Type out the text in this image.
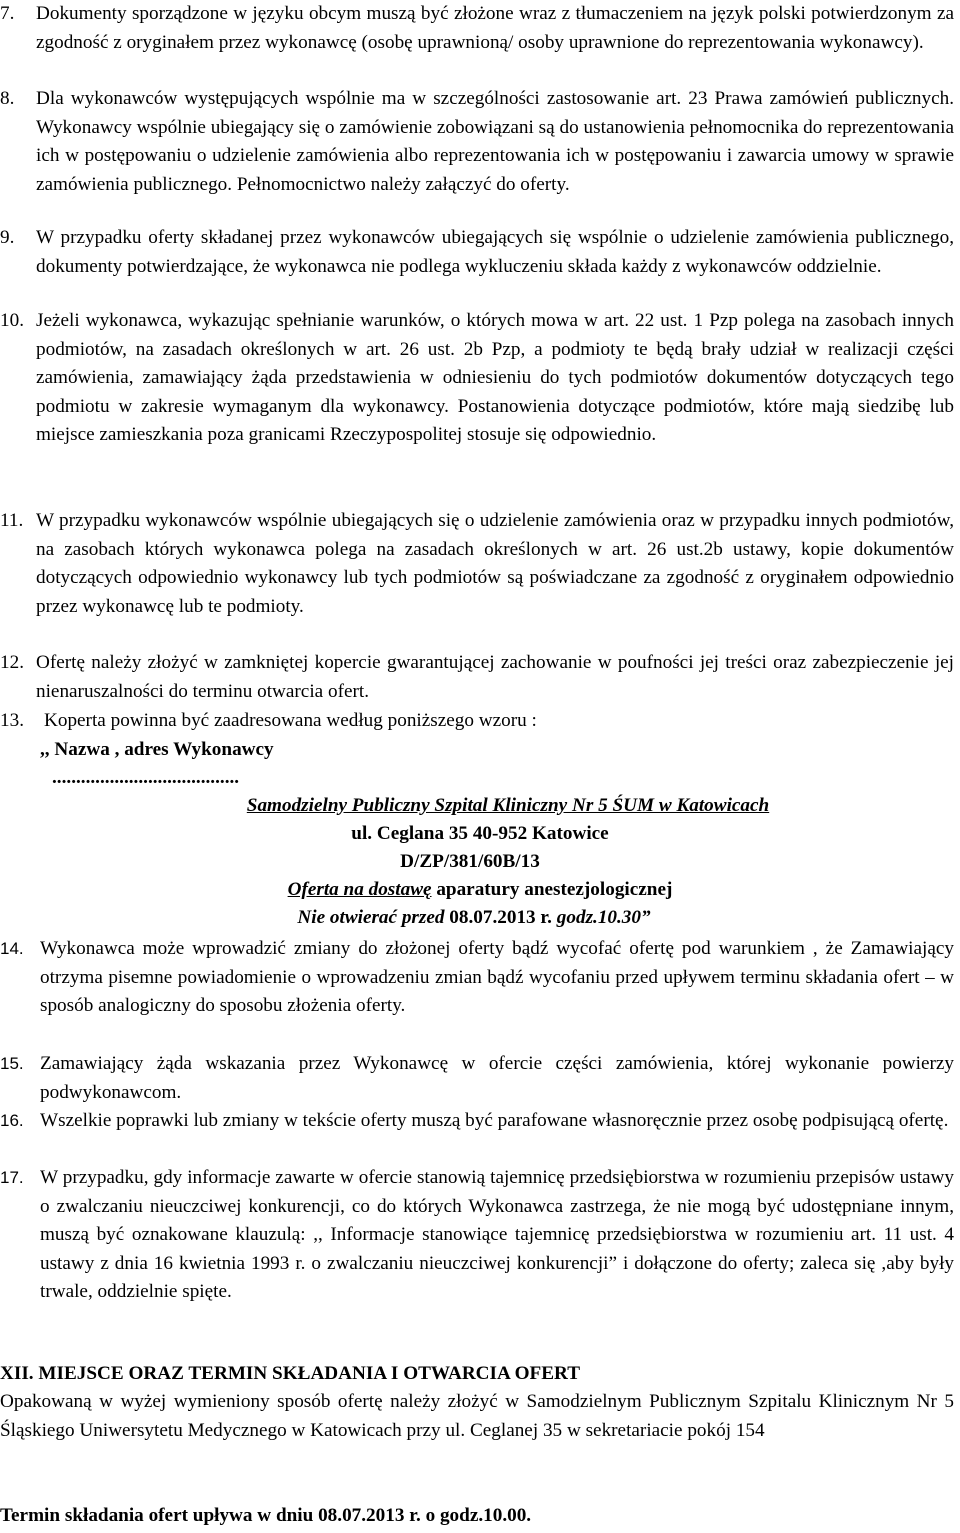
7. Dokumenty sporządzone w języku obcym muszą być złożone wraz z tłumaczeniem na język polski potwierdzonym za zgodność z oryginałem przez wykonawcę (osobę uprawnioną/ osoby uprawnione do reprezentowania wykonawcy).
8. Dla wykonawców występujących wspólnie ma w szczególności zastosowanie art. 23 Prawa zamówień publicznych. Wykonawcy wspólnie ubiegający się o zamówienie zobowiązani są do ustanowienia pełnomocnika do reprezentowania ich w postępowaniu o udzielenie zamówienia albo reprezentowania ich w postępowaniu i zawarcia umowy w sprawie zamówienia publicznego. Pełnomocnictwo należy załączyć do oferty.
9. W przypadku oferty składanej przez wykonawców ubiegających się wspólnie o udzielenie zamówienia publicznego, dokumenty potwierdzające, że wykonawca nie podlega wykluczeniu składa każdy z wykonawców oddzielnie.
10. Jeżeli wykonawca, wykazując spełnianie warunków, o których mowa w art. 22 ust. 1 Pzp polega na zasobach innych podmiotów, na zasadach określonych w art. 26 ust. 2b Pzp, a podmioty te będą brały udział w realizacji części zamówienia, zamawiający żąda przedstawienia w odniesieniu do tych podmiotów dokumentów dotyczących tego podmiotu w zakresie wymaganym dla wykonawcy. Postanowienia dotyczące podmiotów, które mają siedzibę lub miejsce zamieszkania poza granicami Rzeczypospolitej stosuje się odpowiednio.
11. W przypadku wykonawców wspólnie ubiegających się o udzielenie zamówienia oraz w przypadku innych podmiotów, na zasobach których wykonawca polega na zasadach określonych w art. 26 ust.2b ustawy, kopie dokumentów dotyczących odpowiednio wykonawcy lub tych podmiotów są poświadczane za zgodność z oryginałem odpowiednio przez wykonawcę lub te podmioty.
12. Ofertę należy złożyć w zamkniętej kopercie gwarantującej zachowanie w poufności jej treści oraz zabezpieczenie jej nienaruszalności do terminu otwarcia ofert.
13. Koperta powinna być zaadresowana według poniższego wzoru :
,, Nazwa , adres Wykonawcy
.......................................
Samodzielny Publiczny Szpital Kliniczny Nr 5 ŚUM w Katowicach
ul. Ceglana 35 40-952 Katowice
D/ZP/381/60B/13
Oferta na dostawę aparatury anestezjologicznej
Nie otwierać przed 08.07.2013 r. godz.10.30”
14. Wykonawca może wprowadzić zmiany do złożonej oferty bądź wycofać ofertę pod warunkiem , że Zamawiający otrzyma pisemne powiadomienie o wprowadzeniu zmian bądź wycofaniu przed upływem terminu składania ofert – w sposób analogiczny do sposobu złożenia oferty.
15. Zamawiający żąda wskazania przez Wykonawcę w ofercie części zamówienia, której wykonanie powierzy podwykonawcom.
16. Wszelkie poprawki lub zmiany w tekście oferty muszą być parafowane własnoręcznie przez osobę podpisującą ofertę.
17. W przypadku, gdy informacje zawarte w ofercie stanowią tajemnicę przedsiębiorstwa w rozumieniu przepisów ustawy o zwalczaniu nieuczciwej konkurencji, co do których Wykonawca zastrzega, że nie mogą być udostępniane innym, muszą być oznakowane klauzulą: ,, Informacje stanowiące tajemnicę przedsiębiorstwa w rozumieniu art. 11 ust. 4 ustawy z dnia 16 kwietnia 1993 r. o zwalczaniu nieuczciwej konkurencji” i dołączone do oferty; zaleca się ,aby były trwale, oddzielnie spięte.
XII. MIEJSCE ORAZ TERMIN SKŁADANIA I OTWARCIA OFERT
Opakowaną w wyżej wymieniony sposób ofertę należy złożyć w Samodzielnym Publicznym Szpitalu Klinicznym Nr 5 Śląskiego Uniwersytetu Medycznego w Katowicach przy ul. Ceglanej 35 w sekretariacie pokój 154
Termin składania ofert upływa w dniu 08.07.2013 r. o godz.10.00.
